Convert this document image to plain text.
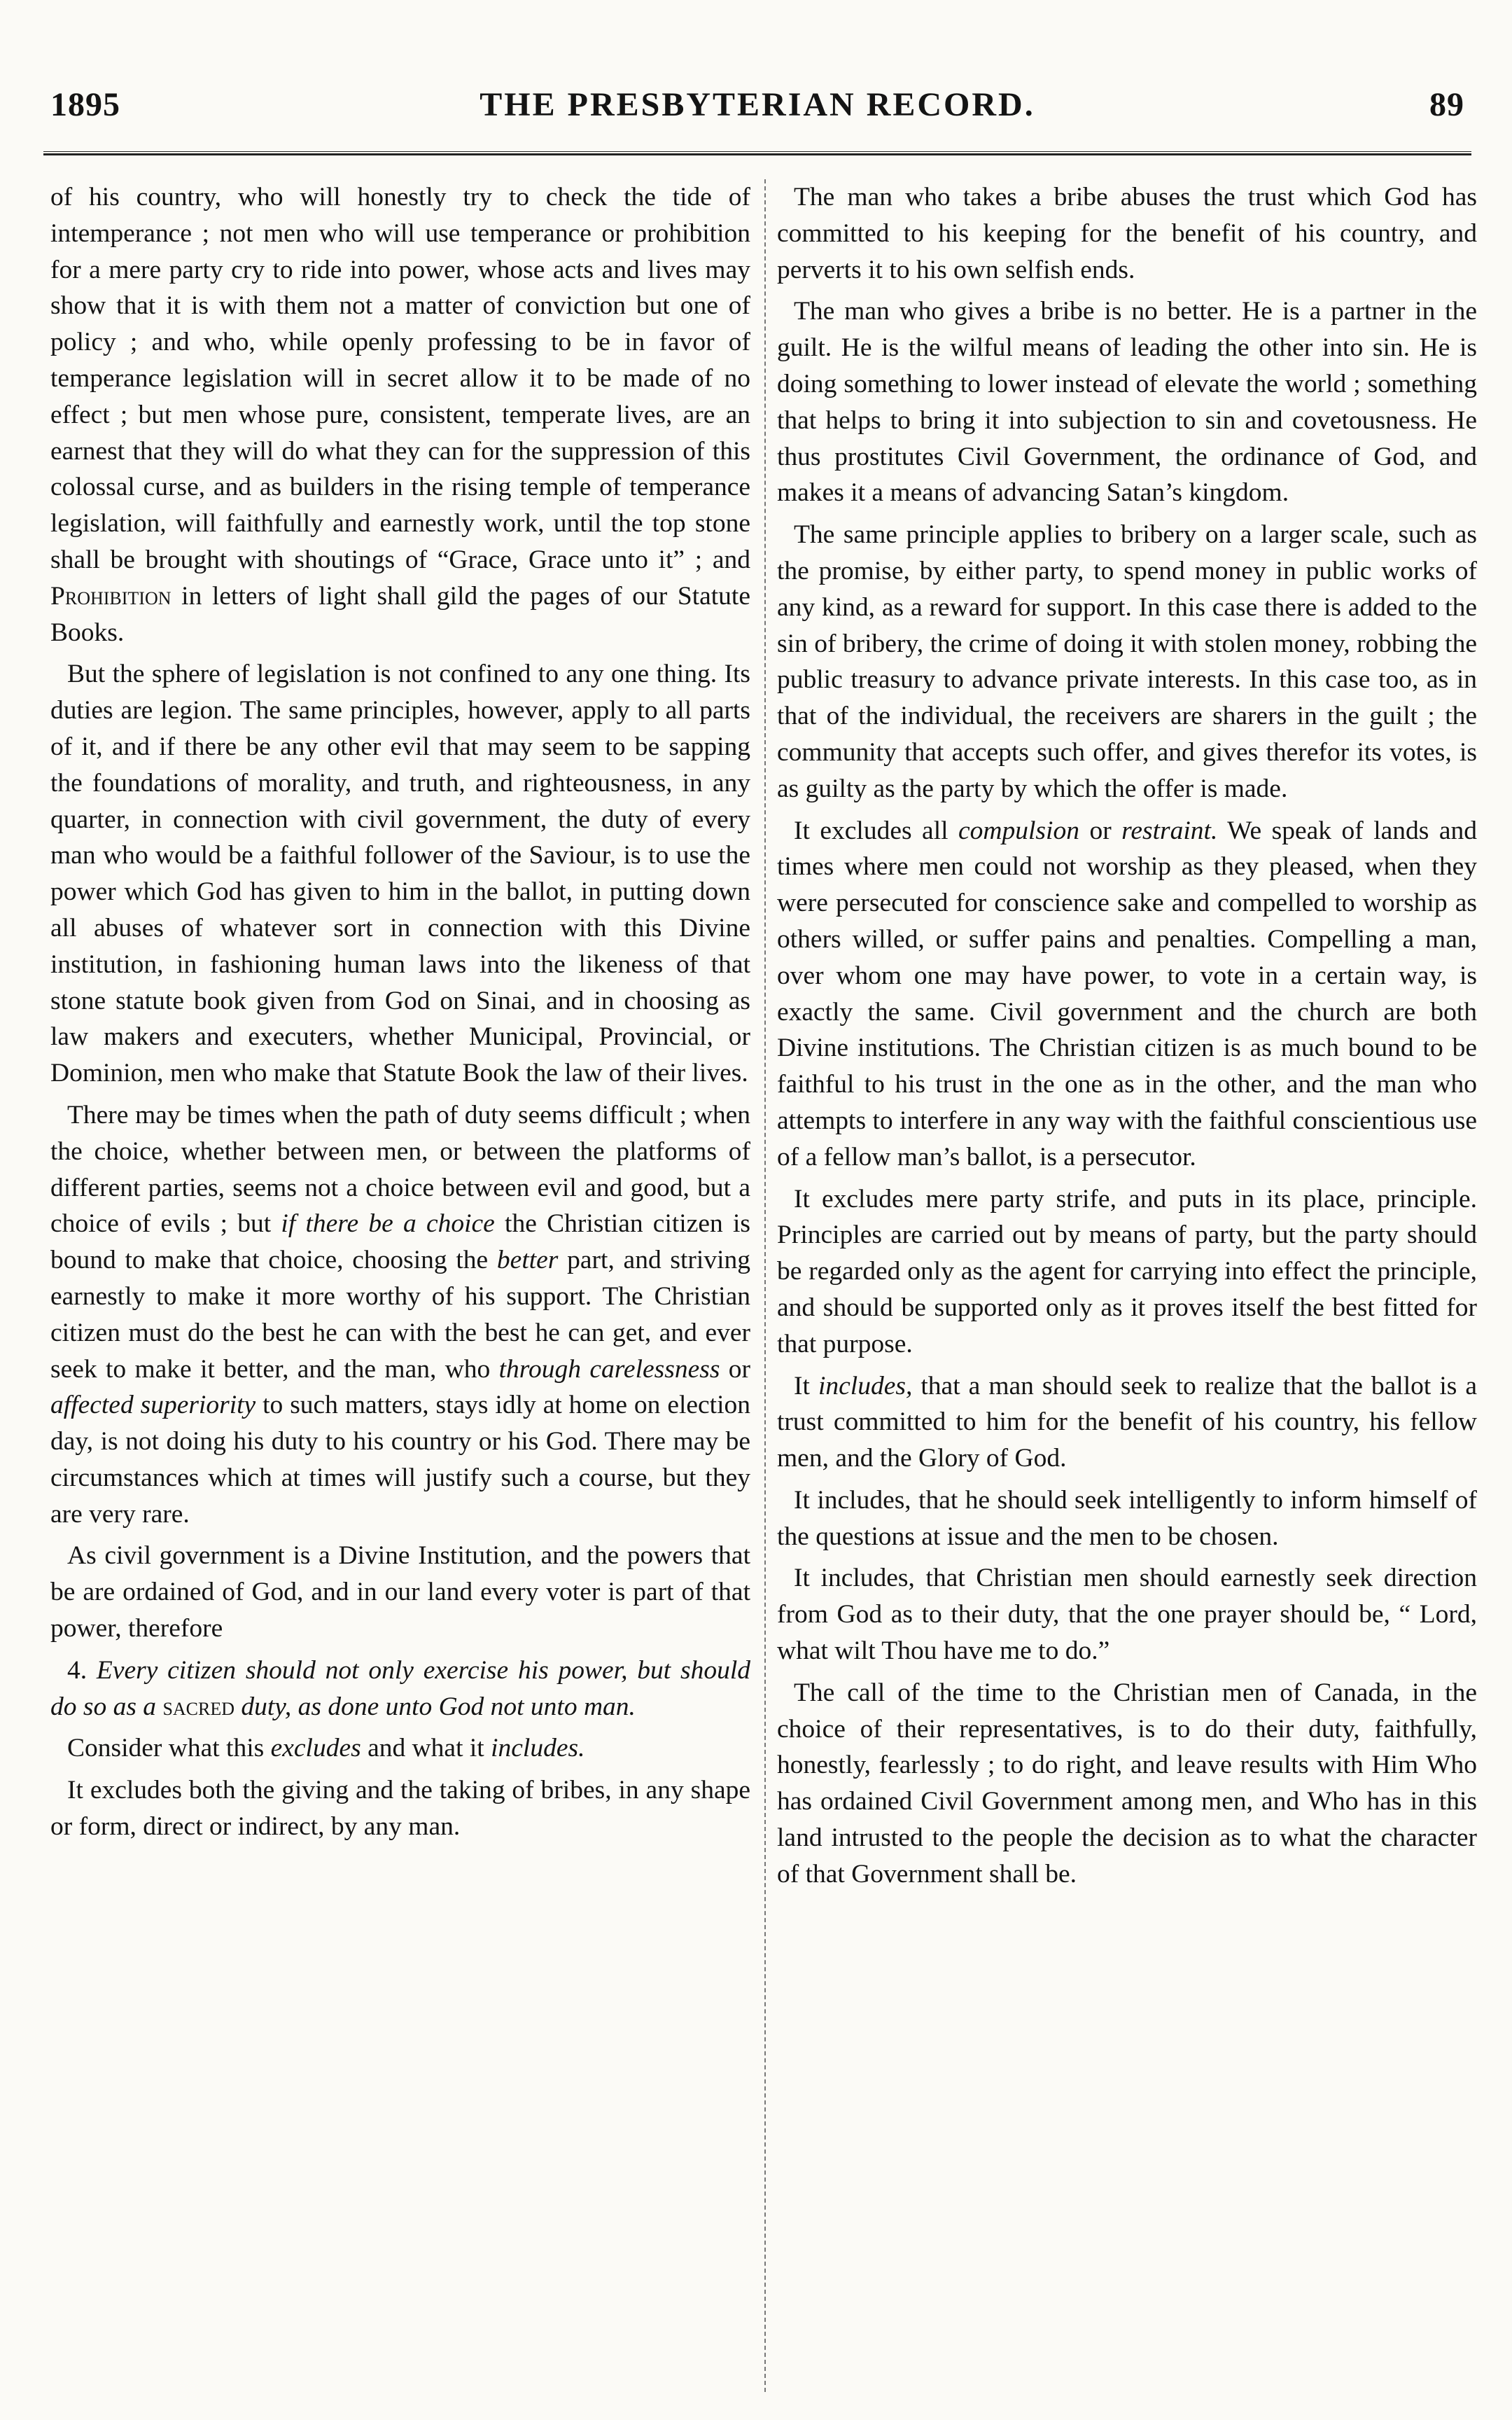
1895	THE PRESBYTERIAN RECORD.	89

of his country, who will honestly try to check the tide of intemperance ; not men who will use temperance or prohibition for a mere party cry to ride into power, whose acts and lives may show that it is with them not a matter of conviction but one of policy ; and who, while openly professing to be in favor of temperance legislation will in secret allow it to be made of no effect ; but men whose pure, consistent, temperate lives, are an earnest that they will do what they can for the suppression of this colossal curse, and as builders in the rising temple of temperance legislation, will faithfully and earnestly work, until the top stone shall be brought with shoutings of “Grace, Grace unto it” ; and Prohibition in letters of light shall gild the pages of our Statute Books.

But the sphere of legislation is not confined to any one thing. Its duties are legion. The same principles, however, apply to all parts of it, and if there be any other evil that may seem to be sapping the foundations of morality, and truth, and righteousness, in any quarter, in connection with civil government, the duty of every man who would be a faithful follower of the Saviour, is to use the power which God has given to him in the ballot, in putting down all abuses of whatever sort in connection with this Divine institution, in fashioning human laws into the likeness of that stone statute book given from God on Sinai, and in choosing as law makers and executers, whether Municipal, Provincial, or Dominion, men who make that Statute Book the law of their lives.

There may be times when the path of duty seems difficult ; when the choice, whether between men, or between the platforms of different parties, seems not a choice between evil and good, but a choice of evils ; but if there be a choice the Christian citizen is bound to make that choice, choosing the better part, and striving earnestly to make it more worthy of his support. The Christian citizen must do the best he can with the best he can get, and ever seek to make it better, and the man, who through carelessness or affected superiority to such matters, stays idly at home on election day, is not doing his duty to his country or his God. There may be circumstances which at times will justify such a course, but they are very rare.

As civil government is a Divine Institution, and the powers that be are ordained of God, and in our land every voter is part of that power, therefore

4. Every citizen should not only exercise his power, but should do so as a sacred duty, as done unto God not unto man.

Consider what this excludes and what it includes.

It excludes both the giving and the taking of bribes, in any shape or form, direct or indirect, by any man.

The man who takes a bribe abuses the trust which God has committed to his keeping for the benefit of his country, and perverts it to his own selfish ends.

The man who gives a bribe is no better. He is a partner in the guilt. He is the wilful means of leading the other into sin. He is doing something to lower instead of elevate the world ; something that helps to bring it into subjection to sin and covetousness. He thus prostitutes Civil Government, the ordinance of God, and makes it a means of advancing Satan’s kingdom.

The same principle applies to bribery on a larger scale, such as the promise, by either party, to spend money in public works of any kind, as a reward for support. In this case there is added to the sin of bribery, the crime of doing it with stolen money, robbing the public treasury to advance private interests. In this case too, as in that of the individual, the receivers are sharers in the guilt ; the community that accepts such offer, and gives therefor its votes, is as guilty as the party by which the offer is made.

It excludes all compulsion or restraint. We speak of lands and times where men could not worship as they pleased, when they were persecuted for conscience sake and compelled to worship as others willed, or suffer pains and penalties. Compelling a man, over whom one may have power, to vote in a certain way, is exactly the same. Civil government and the church are both Divine institutions. The Christian citizen is as much bound to be faithful to his trust in the one as in the other, and the man who attempts to interfere in any way with the faithful conscientious use of a fellow man’s ballot, is a persecutor.

It excludes mere party strife, and puts in its place, principle. Principles are carried out by means of party, but the party should be regarded only as the agent for carrying into effect the principle, and should be supported only as it proves itself the best fitted for that purpose.

It includes, that a man should seek to realize that the ballot is a trust committed to him for the benefit of his country, his fellow men, and the Glory of God.

It includes, that he should seek intelligently to inform himself of the questions at issue and the men to be chosen.

It includes, that Christian men should earnestly seek direction from God as to their duty, that the one prayer should be, “ Lord, what wilt Thou have me to do.”

The call of the time to the Christian men of Canada, in the choice of their representatives, is to do their duty, faithfully, honestly, fearlessly ; to do right, and leave results with Him Who has ordained Civil Government among men, and Who has in this land intrusted to the people the decision as to what the character of that Government shall be.
